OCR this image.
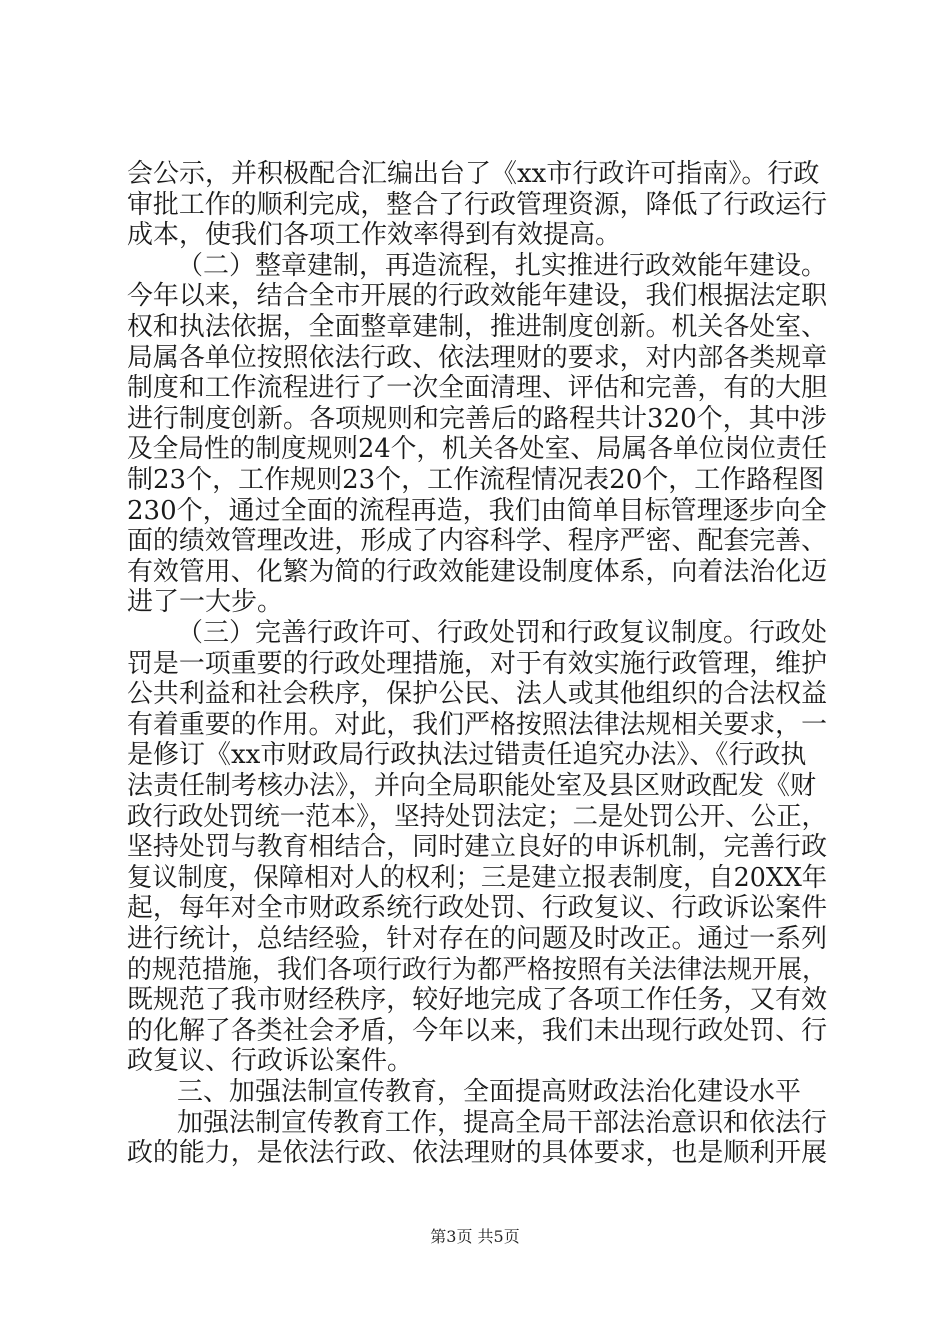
会公示，并积极配合汇编出台了《xx市行政许可指南》。行政
审批工作的顺利完成，整合了行政管理资源，降低了行政运行
成本，使我们各项工作效率得到有效提高。
（二）整章建制，再造流程，扎实推进行政效能年建设。
今年以来，结合全市开展的行政效能年建设，我们根据法定职
权和执法依据，全面整章建制，推进制度创新。机关各处室、
局属各单位按照依法行政、依法理财的要求，对内部各类规章
制度和工作流程进行了一次全面清理、评估和完善，有的大胆
进行制度创新。各项规则和完善后的路程共计320个，其中涉
及全局性的制度规则24个，机关各处室、局属各单位岗位责任
制23个，工作规则23个，工作流程情况表20个，工作路程图
230个，通过全面的流程再造，我们由简单目标管理逐步向全
面的绩效管理改进，形成了内容科学、程序严密、配套完善、
有效管用、化繁为简的行政效能建设制度体系，向着法治化迈
进了一大步。
（三）完善行政许可、行政处罚和行政复议制度。行政处
罚是一项重要的行政处理措施，对于有效实施行政管理，维护
公共利益和社会秩序，保护公民、法人或其他组织的合法权益
有着重要的作用。对此，我们严格按照法律法规相关要求，一
是修订《xx市财政局行政执法过错责任追究办法》、《行政执
法责任制考核办法》，并向全局职能处室及县区财政配发《财
政行政处罚统一范本》，坚持处罚法定；二是处罚公开、公正，
坚持处罚与教育相结合，同时建立良好的申诉机制，完善行政
复议制度，保障相对人的权利；三是建立报表制度，自20XX年
起，每年对全市财政系统行政处罚、行政复议、行政诉讼案件
进行统计，总结经验，针对存在的问题及时改正。通过一系列
的规范措施，我们各项行政行为都严格按照有关法律法规开展，
既规范了我市财经秩序，较好地完成了各项工作任务，又有效
的化解了各类社会矛盾，今年以来，我们未出现行政处罚、行
政复议、行政诉讼案件。
三、加强法制宣传教育，全面提高财政法治化建设水平
加强法制宣传教育工作，提高全局干部法治意识和依法行
政的能力，是依法行政、依法理财的具体要求，也是顺利开展
第3页 共5页
